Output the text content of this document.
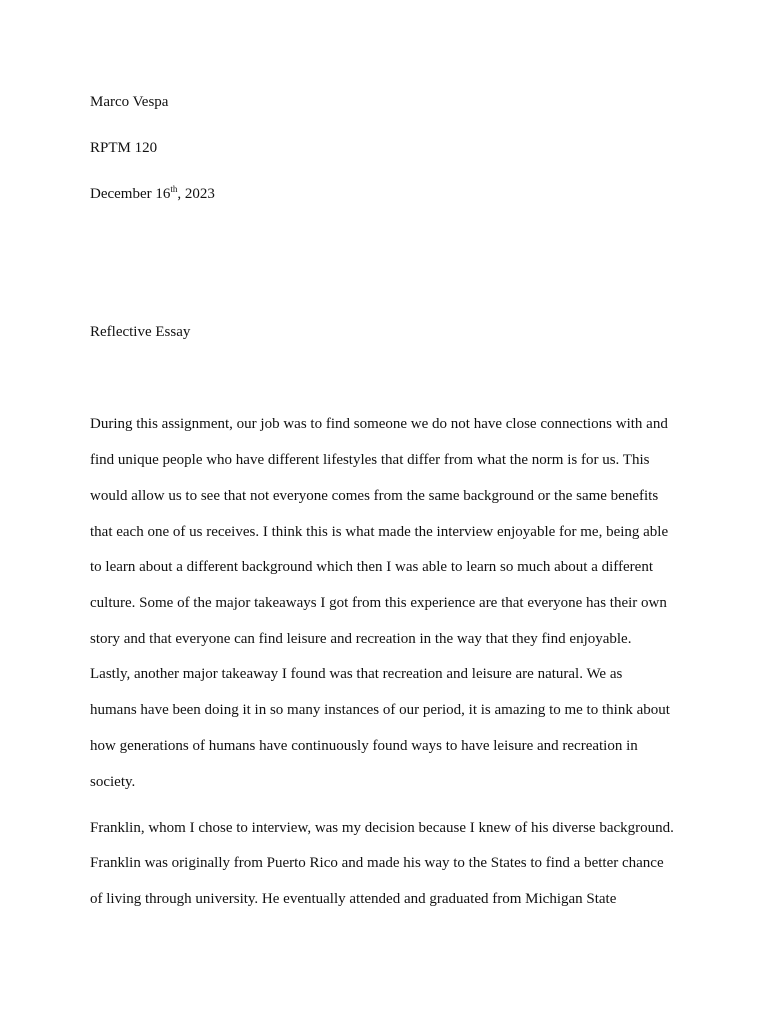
Marco Vespa
RPTM 120
December 16th, 2023
Reflective Essay
During this assignment, our job was to find someone we do not have close connections with and
find unique people who have different lifestyles that differ from what the norm is for us. This
would allow us to see that not everyone comes from the same background or the same benefits
that each one of us receives. I think this is what made the interview enjoyable for me, being able
to learn about a different background which then I was able to learn so much about a different
culture. Some of the major takeaways I got from this experience are that everyone has their own
story and that everyone can find leisure and recreation in the way that they find enjoyable.
Lastly, another major takeaway I found was that recreation and leisure are natural. We as
humans have been doing it in so many instances of our period, it is amazing to me to think about
how generations of humans have continuously found ways to have leisure and recreation in
society.
Franklin, whom I chose to interview, was my decision because I knew of his diverse background.
Franklin was originally from Puerto Rico and made his way to the States to find a better chance
of living through university. He eventually attended and graduated from Michigan State
